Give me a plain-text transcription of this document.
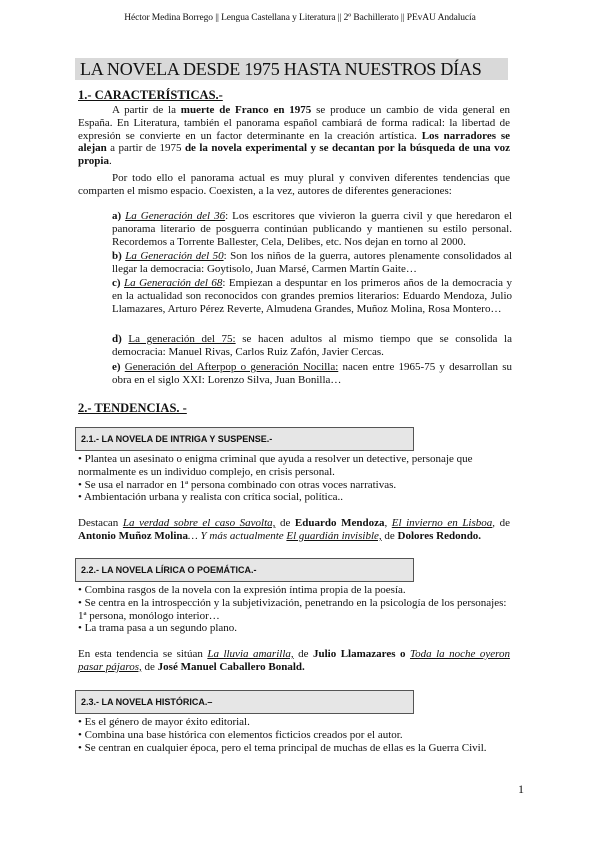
Héctor Medina Borrego || Lengua Castellana y Literatura || 2º Bachillerato || PEvAU Andalucía
LA NOVELA DESDE 1975 HASTA NUESTROS DÍAS
1.- CARACTERÍSTICAS.-
A partir de la muerte de Franco en 1975 se produce un cambio de vida general en España. En Literatura, también el panorama español cambiará de forma radical: la libertad de expresión se convierte en un factor determinante en la creación artística. Los narradores se alejan a partir de 1975 de la novela experimental y se decantan por la búsqueda de una voz propia.
Por todo ello el panorama actual es muy plural y conviven diferentes tendencias que comparten el mismo espacio. Coexisten, a la vez, autores de diferentes generaciones:
a) La Generación del 36: Los escritores que vivieron la guerra civil y que heredaron el panorama literario de posguerra continúan publicando y mantienen su estilo personal. Recordemos a Torrente Ballester, Cela, Delibes, etc. Nos dejan en torno al 2000.
b) La Generación del 50: Son los niños de la guerra, autores plenamente consolidados al llegar la democracia: Goytisolo, Juan Marsé, Carmen Martín Gaite…
c) La Generación del 68: Empiezan a despuntar en los primeros años de la democracia y en la actualidad son reconocidos con grandes premios literarios: Eduardo Mendoza, Julio Llamazares, Arturo Pérez Reverte, Almudena Grandes, Muñoz Molina, Rosa Montero…
d) La generación del 75: se hacen adultos al mismo tiempo que se consolida la democracia: Manuel Rivas, Carlos Ruiz Zafón, Javier Cercas.
e) Generación del Afterpop o generación Nocilla: nacen entre 1965-75 y desarrollan su obra en el siglo XXI: Lorenzo Silva, Juan Bonilla…
2.- TENDENCIAS. -
2.1.- LA NOVELA DE INTRIGA Y SUSPENSE.-
• Plantea un asesinato o enigma criminal que ayuda a resolver un detective, personaje que normalmente es un individuo complejo, en crisis personal.
• Se usa el narrador en 1ª persona combinado con otras voces narrativas.
• Ambientación urbana y realista con crítica social, política..
Destacan La verdad sobre el caso Savolta, de Eduardo Mendoza, El invierno en Lisboa, de Antonio Muñoz Molina… Y más actualmente El guardián invisible, de Dolores Redondo.
2.2.- LA NOVELA LÍRICA O POEMÁTICA.-
• Combina rasgos de la novela con la expresión íntima propia de la poesía.
• Se centra en la introspección y la subjetivización, penetrando en la psicología de los personajes: 1ª persona, monólogo interior…
• La trama pasa a un segundo plano.
En esta tendencia se sitúan La lluvia amarilla, de Julio Llamazares o Toda la noche oyeron pasar pájaros, de José Manuel Caballero Bonald.
2.3.- LA NOVELA HISTÓRICA.–
• Es el género de mayor éxito editorial.
• Combina una base histórica con elementos ficticios creados por el autor.
• Se centran en cualquier época, pero el tema principal de muchas de ellas es la Guerra Civil.
1
